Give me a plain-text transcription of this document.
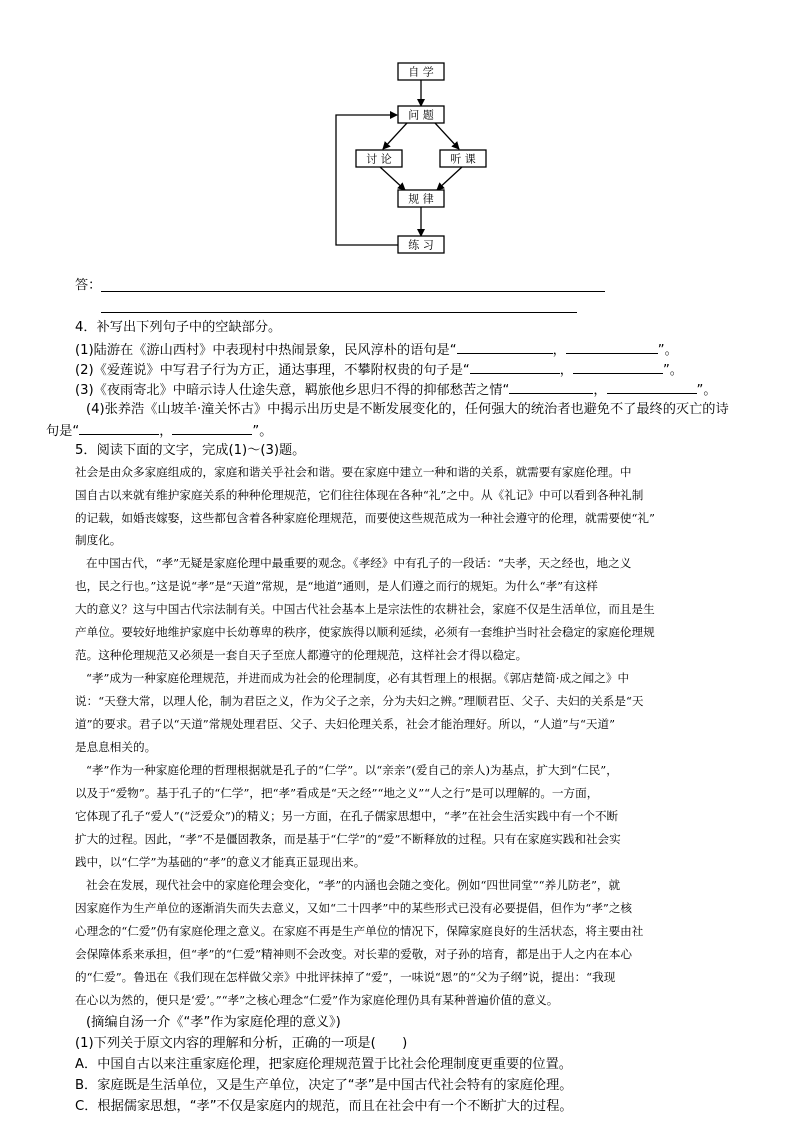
自 学
问 题
讨 论	听 课
规 律
练 习
答：
4．补写出下列句子中的空缺部分。
(1)陆游在《游山西村》中表现村中热闹景象，民风淳朴的语句是“	，	”。
(2)《爱莲说》中写君子行为方正，通达事理，不攀附权贵的句子是“	，	”。
(3)《夜雨寄北》中暗示诗人仕途失意，羁旅他乡思归不得的抑郁愁苦之情“	，	”。
(4)张养浩《山坡羊·潼关怀古》中揭示出历史是不断发展变化的，任何强大的统治者也避免不了最终的灭亡的诗
句是“	，	”。
5．阅读下面的文字，完成(1)～(3)题。
社会是由众多家庭组成的，家庭和谐关乎社会和谐。要在家庭中建立一种和谐的关系，就需要有家庭伦理。中
国自古以来就有维护家庭关系的种种伦理规范，它们往往体现在各种“礼”之中。从《礼记》中可以看到各种礼制
的记载，如婚丧嫁娶，这些都包含着各种家庭伦理规范，而要使这些规范成为一种社会遵守的伦理，就需要使“礼”
制度化。
在中国古代，“孝”无疑是家庭伦理中最重要的观念。《孝经》中有孔子的一段话：“夫孝，天之经也，地之义
也，民之行也。”这是说“孝”是“天道”常规，是“地道”通则，是人们遵之而行的规矩。为什么“孝”有这样
大的意义？这与中国古代宗法制有关。中国古代社会基本上是宗法性的农耕社会，家庭不仅是生活单位，而且是生
产单位。要较好地维护家庭中长幼尊卑的秩序，使家族得以顺利延续，必须有一套维护当时社会稳定的家庭伦理规
范。这种伦理规范又必须是一套自天子至庶人都遵守的伦理规范，这样社会才得以稳定。
“孝”成为一种家庭伦理规范，并进而成为社会的伦理制度，必有其哲理上的根据。《郭店楚简·成之闻之》中
说：“天登大常，以理人伦，制为君臣之义，作为父子之亲，分为夫妇之辨。”理顺君臣、父子、夫妇的关系是“天
道”的要求。君子以“天道”常规处理君臣、父子、夫妇伦理关系，社会才能治理好。所以，“人道”与“天道”
是息息相关的。
“孝”作为一种家庭伦理的哲理根据就是孔子的“仁学”。以“亲亲”(爱自己的亲人)为基点，扩大到“仁民”，
以及于“爱物”。基于孔子的“仁学”，把“孝”看成是“天之经”“地之义”“人之行”是可以理解的。一方面，
它体现了孔子“爱人”(“泛爱众”)的精义；另一方面，在孔子儒家思想中，“孝”在社会生活实践中有一个不断
扩大的过程。因此，“孝”不是僵固教条，而是基于“仁学”的“爱”不断释放的过程。只有在家庭实践和社会实
践中，以“仁学”为基础的“孝”的意义才能真正显现出来。
社会在发展，现代社会中的家庭伦理会变化，“孝”的内涵也会随之变化。例如“四世同堂”“养儿防老”，就
因家庭作为生产单位的逐渐消失而失去意义，又如“二十四孝”中的某些形式已没有必要提倡，但作为“孝”之核
心理念的“仁爱”仍有家庭伦理之意义。在家庭不再是生产单位的情况下，保障家庭良好的生活状态，将主要由社
会保障体系来承担，但“孝”的“仁爱”精神则不会改变。对长辈的爱敬，对子孙的培育，都是出于人之内在本心
的“仁爱”。鲁迅在《我们现在怎样做父亲》中批评抹掉了“爱”，一味说“恩”的“父为子纲”说，提出：“我现
在心以为然的，便只是‘爱’。”“孝”之核心理念“仁爱”作为家庭伦理仍具有某种普遍价值的意义。
(摘编自汤一介《“孝”作为家庭伦理的意义》)
(1)下列关于原文内容的理解和分析，正确的一项是(　　)
A．中国自古以来注重家庭伦理，把家庭伦理规范置于比社会伦理制度更重要的位置。
B．家庭既是生活单位，又是生产单位，决定了“孝”是中国古代社会特有的家庭伦理。
C．根据儒家思想，“孝”不仅是家庭内的规范，而且在社会中有一个不断扩大的过程。
